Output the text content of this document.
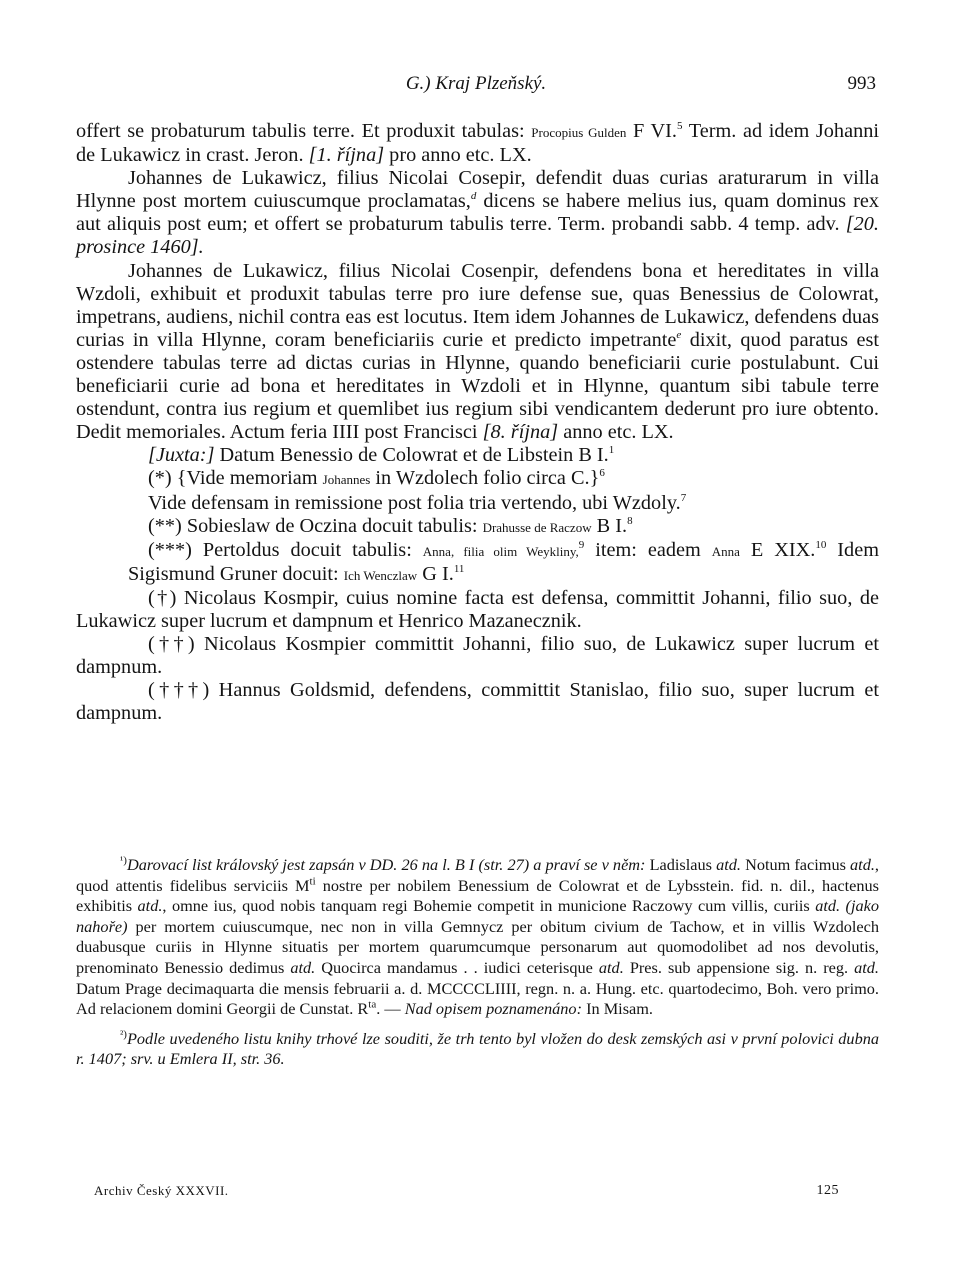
G.) Kraj Plzeňský.	993

offert se probaturum tabulis terre. Et produxit tabulas: Procopius Gulden F VI.$^5$ Term. ad idem Johanni de Lukawicz in crast. Jeron. [1. října] pro anno etc. LX.

Johannes de Lukawicz, filius Nicolai Cosepir, defendit duas curias araturarum in villa Hlynne post mortem cuiuscumque proclamatas,$^d$ dicens se habere melius ius, quam dominus rex aut aliquis post eum; et offert se probaturum tabulis terre. Term. probandi sabb. 4 temp. adv. [20. prosince 1460].

Johannes de Lukawicz, filius Nicolai Cosenpir, defendens bona et hereditates in villa Wzdoli, exhibuit et produxit tabulas terre pro iure defense sue, quas Benessius de Colowrat, impetrans, audiens, nichil contra eas est locutus. Item idem Johannes de Lukawicz, defendens duas curias in villa Hlynne, coram beneficiariis curie et predicto impetrante$^e$ dixit, quod paratus est ostendere tabulas terre ad dictas curias in Hlynne, quando beneficiarii curie postulabunt. Cui beneficiarii curie ad bona et hereditates in Wzdoli et in Hlynne, quantum sibi tabule terre ostendunt, contra ius regium et quemlibet ius regium sibi vendicantem dederunt pro iure obtento. Dedit memoriales. Actum feria IIII post Francisci [8. října] anno etc. LX.

[Juxta:] Datum Benessio de Colowrat et de Libstein B I.$^1$

(*) {Vide memoriam Johannes in Wzdolech folio circa C.}$^6$

Vide defensam in remissione post folia tria vertendo, ubi Wzdoly.$^7$

(**) Sobieslaw de Oczina docuit tabulis: Drahusse de Raczow B I.$^8$

(***) Pertoldus docuit tabulis: Anna, filia olim Weykliny,$^9$ item: eadem Anna E XIX.$^{10}$ Idem Sigismund Gruner docuit: Ich Wenczlaw G I.$^{11}$

(†) Nicolaus Kosmpir, cuius nomine facta est defensa, committit Johanni, filio suo, de Lukawicz super lucrum et dampnum et Henrico Mazanecznik.

(††) Nicolaus Kosmpier committit Johanni, filio suo, de Lukawicz super lucrum et dampnum.

(†††) Hannus Goldsmid, defendens, committit Stanislao, filio suo, super lucrum et dampnum.

$^{^1)}$Darovací list královský jest zapsán v DD. 26 na l. B I (str. 27) a praví se v něm: Ladislaus atd. Notum facimus atd., quod attentis fidelibus serviciis $M^{ti}$ nostre per nobilem Benessium de Colowrat et de Lybsstein. fid. n. dil., hactenus exhibitis atd., omne ius, quod nobis tanquam regi Bohemie competit in municione Raczowy cum villis, curiis atd. (jako nahoře) per mortem cuiuscumque, nec non in villa Gemnycz per obitum civium de Tachow, et in villis Wzdolech duabusque curiis in Hlynne situatis per mortem quarumcumque personarum aut quomodolibet ad nos devolutis, prenominato Benessio dedimus atd. Quocirca mandamus . . iudici ceterisque atd. Pres. sub appensione sig. n. reg. atd. Datum Prage decimaquarta die mensis februarii a. d. MCCCCLIIII, regn. n. a. Hung. etc. quartodecimo, Boh. vero primo. Ad relacionem domini Georgii de Cunstat. $R^{ta}$. — Nad opisem poznamenáno: In Misam.

$^{^2)}$Podle uvedeného listu knihy trhové lze souditi, že trh tento byl vložen do desk zemských asi v první polovici dubna r. 1407; srv. u Emlera II, str. 36.

Archiv Český XXXVII.	125
